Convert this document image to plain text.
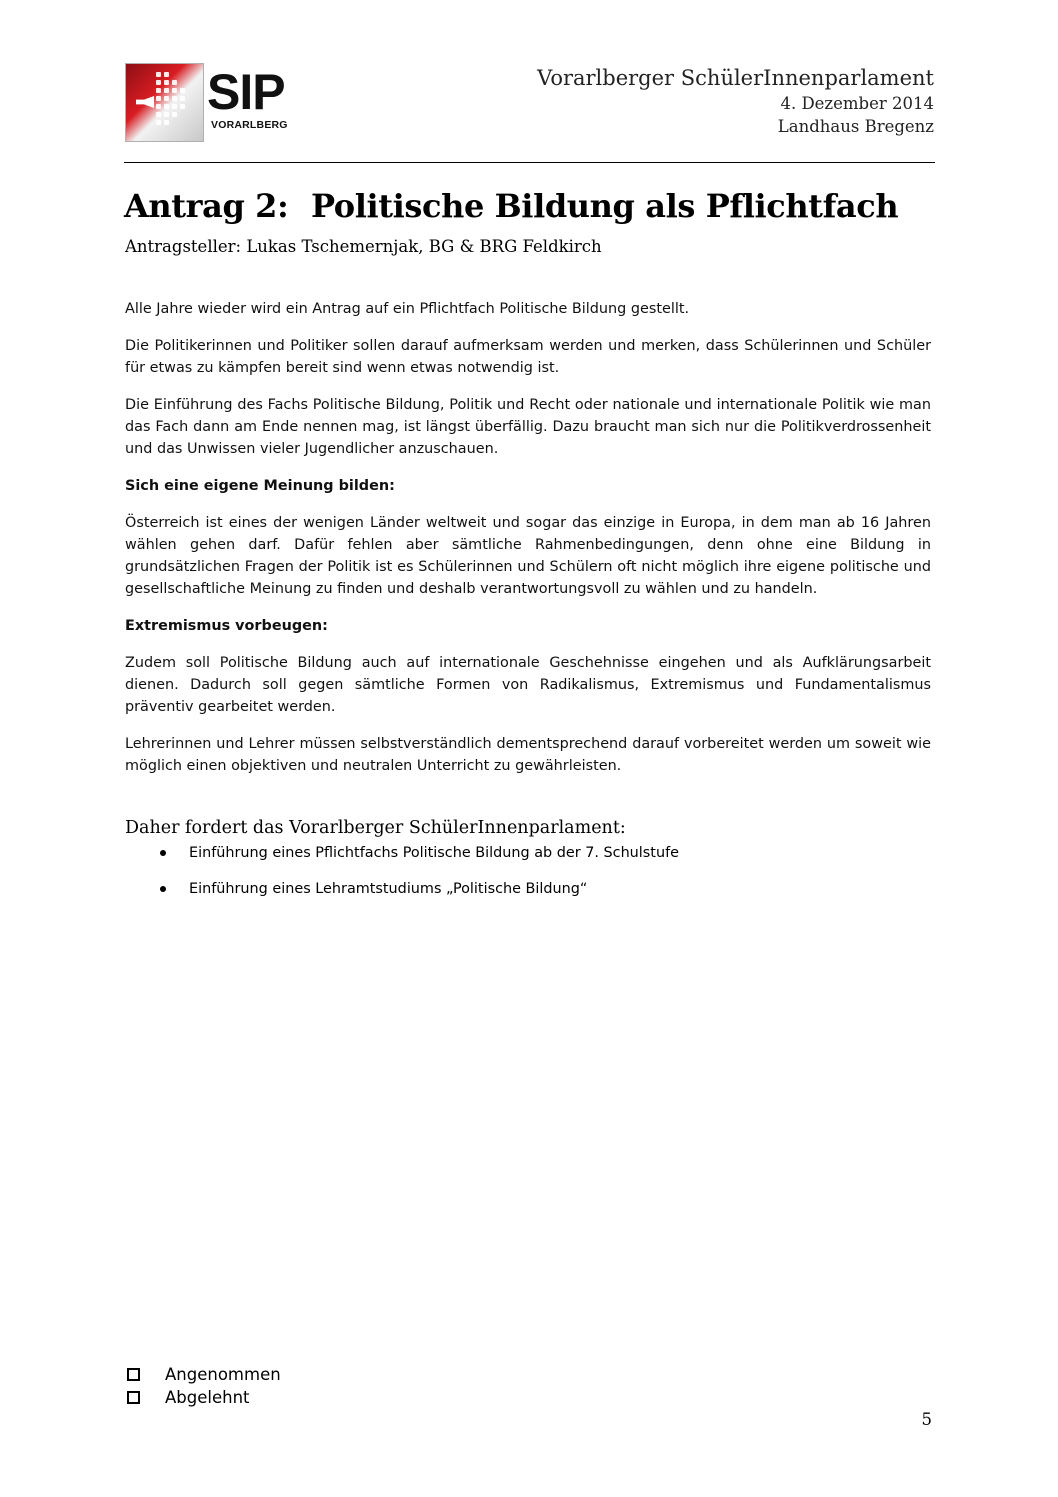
SIP
VORARLBERG
Vorarlberger SchülerInnenparlament
4. Dezember 2014
Landhaus Bregenz
Antrag 2: Politische Bildung als Pflichtfach
Antragsteller: Lukas Tschemernjak, BG & BRG Feldkirch

Alle Jahre wieder wird ein Antrag auf ein Pflichtfach Politische Bildung gestellt.

Die Politikerinnen und Politiker sollen darauf aufmerksam werden und merken, dass Schülerinnen und Schüler für etwas zu kämpfen bereit sind wenn etwas notwendig ist.

Die Einführung des Fachs Politische Bildung, Politik und Recht oder nationale und internationale Politik wie man das Fach dann am Ende nennen mag, ist längst überfällig. Dazu braucht man sich nur die Politikverdrossenheit und das Unwissen vieler Jugendlicher anzuschauen.

Sich eine eigene Meinung bilden:

Österreich ist eines der wenigen Länder weltweit und sogar das einzige in Europa, in dem man ab 16 Jahren wählen gehen darf. Dafür fehlen aber sämtliche Rahmenbedingungen, denn ohne eine Bildung in grundsätzlichen Fragen der Politik ist es Schülerinnen und Schülern oft nicht möglich ihre eigene politische und gesellschaftliche Meinung zu finden und deshalb verantwortungsvoll zu wählen und zu handeln.

Extremismus vorbeugen:

Zudem soll Politische Bildung auch auf internationale Geschehnisse eingehen und als Aufklärungsarbeit dienen. Dadurch soll gegen sämtliche Formen von Radikalismus, Extremismus und Fundamentalismus präventiv gearbeitet werden.

Lehrerinnen und Lehrer müssen selbstverständlich dementsprechend darauf vorbereitet werden um soweit wie möglich einen objektiven und neutralen Unterricht zu gewährleisten.

Daher fordert das Vorarlberger SchülerInnenparlament:
Einführung eines Pflichtfachs Politische Bildung ab der 7. Schulstufe
Einführung eines Lehramtstudiums „Politische Bildung“
Angenommen
Abgelehnt
5
